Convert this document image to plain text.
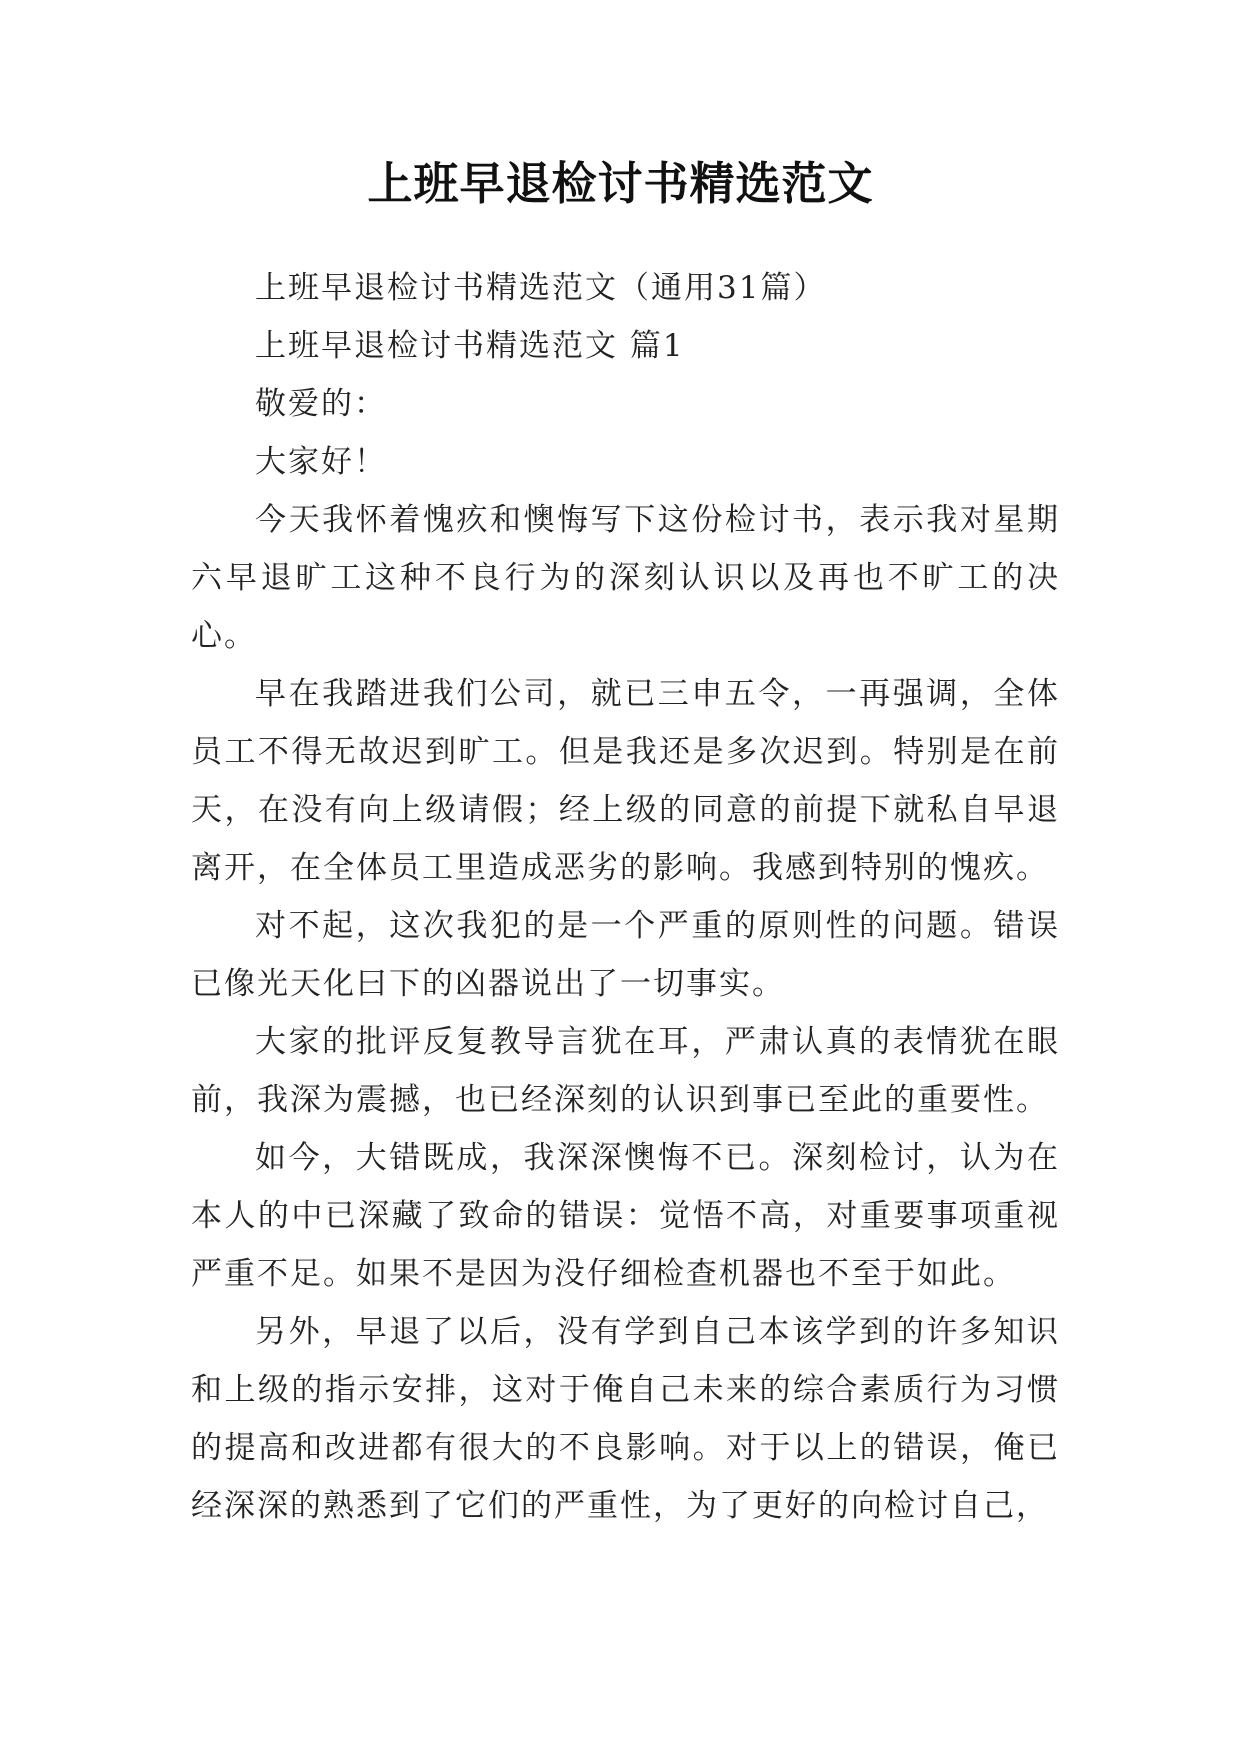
上班早退检讨书精选范文

上班早退检讨书精选范文（通用31篇）

上班早退检讨书精选范文 篇1

敬爱的：

大家好！

今天我怀着愧疚和懊悔写下这份检讨书，表示我对星期六早退旷工这种不良行为的深刻认识以及再也不旷工的决心。

早在我踏进我们公司，就已三申五令，一再强调，全体员工不得无故迟到旷工。但是我还是多次迟到。特别是在前天，在没有向上级请假；经上级的同意的前提下就私自早退离开，在全体员工里造成恶劣的影响。我感到特别的愧疚。

对不起，这次我犯的是一个严重的原则性的问题。错误已像光天化曰下的凶器说出了一切事实。

大家的批评反复教导言犹在耳，严肃认真的表情犹在眼前，我深为震撼，也已经深刻的认识到事已至此的重要性。

如今，大错既成，我深深懊悔不已。深刻检讨，认为在本人的中已深藏了致命的错误：觉悟不高，对重要事项重视严重不足。如果不是因为没仔细检查机器也不至于如此。

另外，早退了以后，没有学到自己本该学到的许多知识和上级的指示安排，这对于俺自己未来的综合素质行为习惯的提高和改进都有很大的不良影响。对于以上的错误，俺已经深深的熟悉到了它们的严重性，为了更好的向检讨自己，
